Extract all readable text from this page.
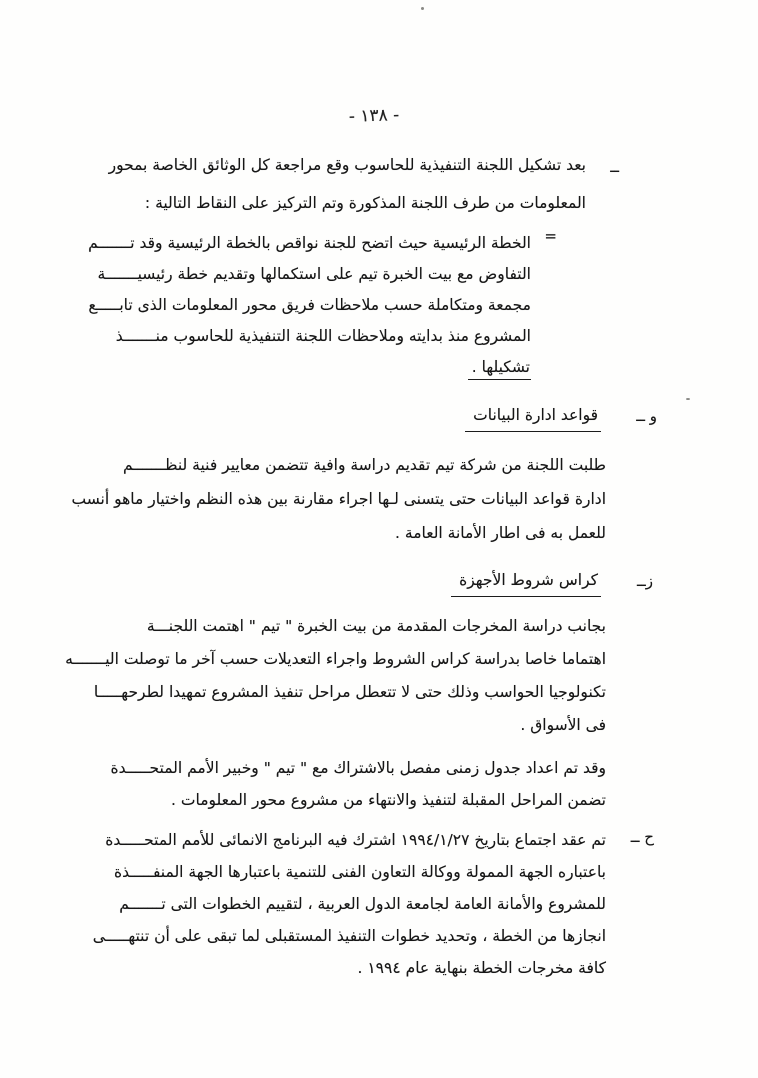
- ١٣٨ -
ــ
بعد تشكيل اللجنة التنفيذية للحاسوب وقع مراجعة كل الوثائق الخاصة بمحور
المعلومات من طرف اللجنة المذكورة وتم التركيز على النقاط التالية :
=
الخطة الرئيسية حيث اتضح للجنة نواقص بالخطة الرئيسية وقد تـــــــم
التفاوض مع بيت الخبرة تيم على استكمالها وتقديم خطة رئيسيـــــــة
مجمعة ومتكاملة حسب ملاحظات فريق محور المعلومات الذى تابـــــع
المشروع منذ بدايته وملاحظات اللجنة التنفيذية للحاسوب منـــــــذ
تشكيلها .
و ــ
قواعد ادارة البيانات
طلبت اللجنة من شركة تيم تقديم دراسة وافية تتضمن معايير فنية لنظـــــــم
ادارة قواعد البيانات حتى يتسنى لـها اجراء مقارنة بين هذه النظم واختيار ماهو أنسب
للعمل به فى اطار الأمانة العامة .
زــ
كراس شروط الأجهزة
بجانب دراسة المخرجات المقدمة من بيت الخبرة " تيم " اهتمت اللجنـــة
اهتماما خاصا بدراسة كراس الشروط واجراء التعديلات حسب آخر ما توصلت اليـــــــه
تكنولوجيا الحواسب وذلك حتى لا تتعطل مراحل تنفيذ المشروع تمهيدا لطرحهـــــا
فى الأسواق .
وقد تم اعداد جدول زمنى مفصل بالاشتراك مع " تيم " وخبير الأمم المتحـــــدة
تضمن المراحل المقبلة لتنفيذ والانتهاء من مشروع محور المعلومات .
ح ــ
تم عقد اجتماع بتاريخ ١٩٩٤/١/٢٧ اشترك فيه البرنامج الانمائى للأمم المتحـــــدة
باعتباره الجهة الممولة ووكالة التعاون الفنى للتنمية باعتبارها الجهة المنفـــــذة
للمشروع والأمانة العامة لجامعة الدول العربية ، لتقييم الخطوات التى تـــــــم
انجازها من الخطة ، وتحديد خطوات التنفيذ المستقبلى لما تبقى على أن تنتهـــــى
كافة مخرجات الخطة بنهاية عام ١٩٩٤ .
